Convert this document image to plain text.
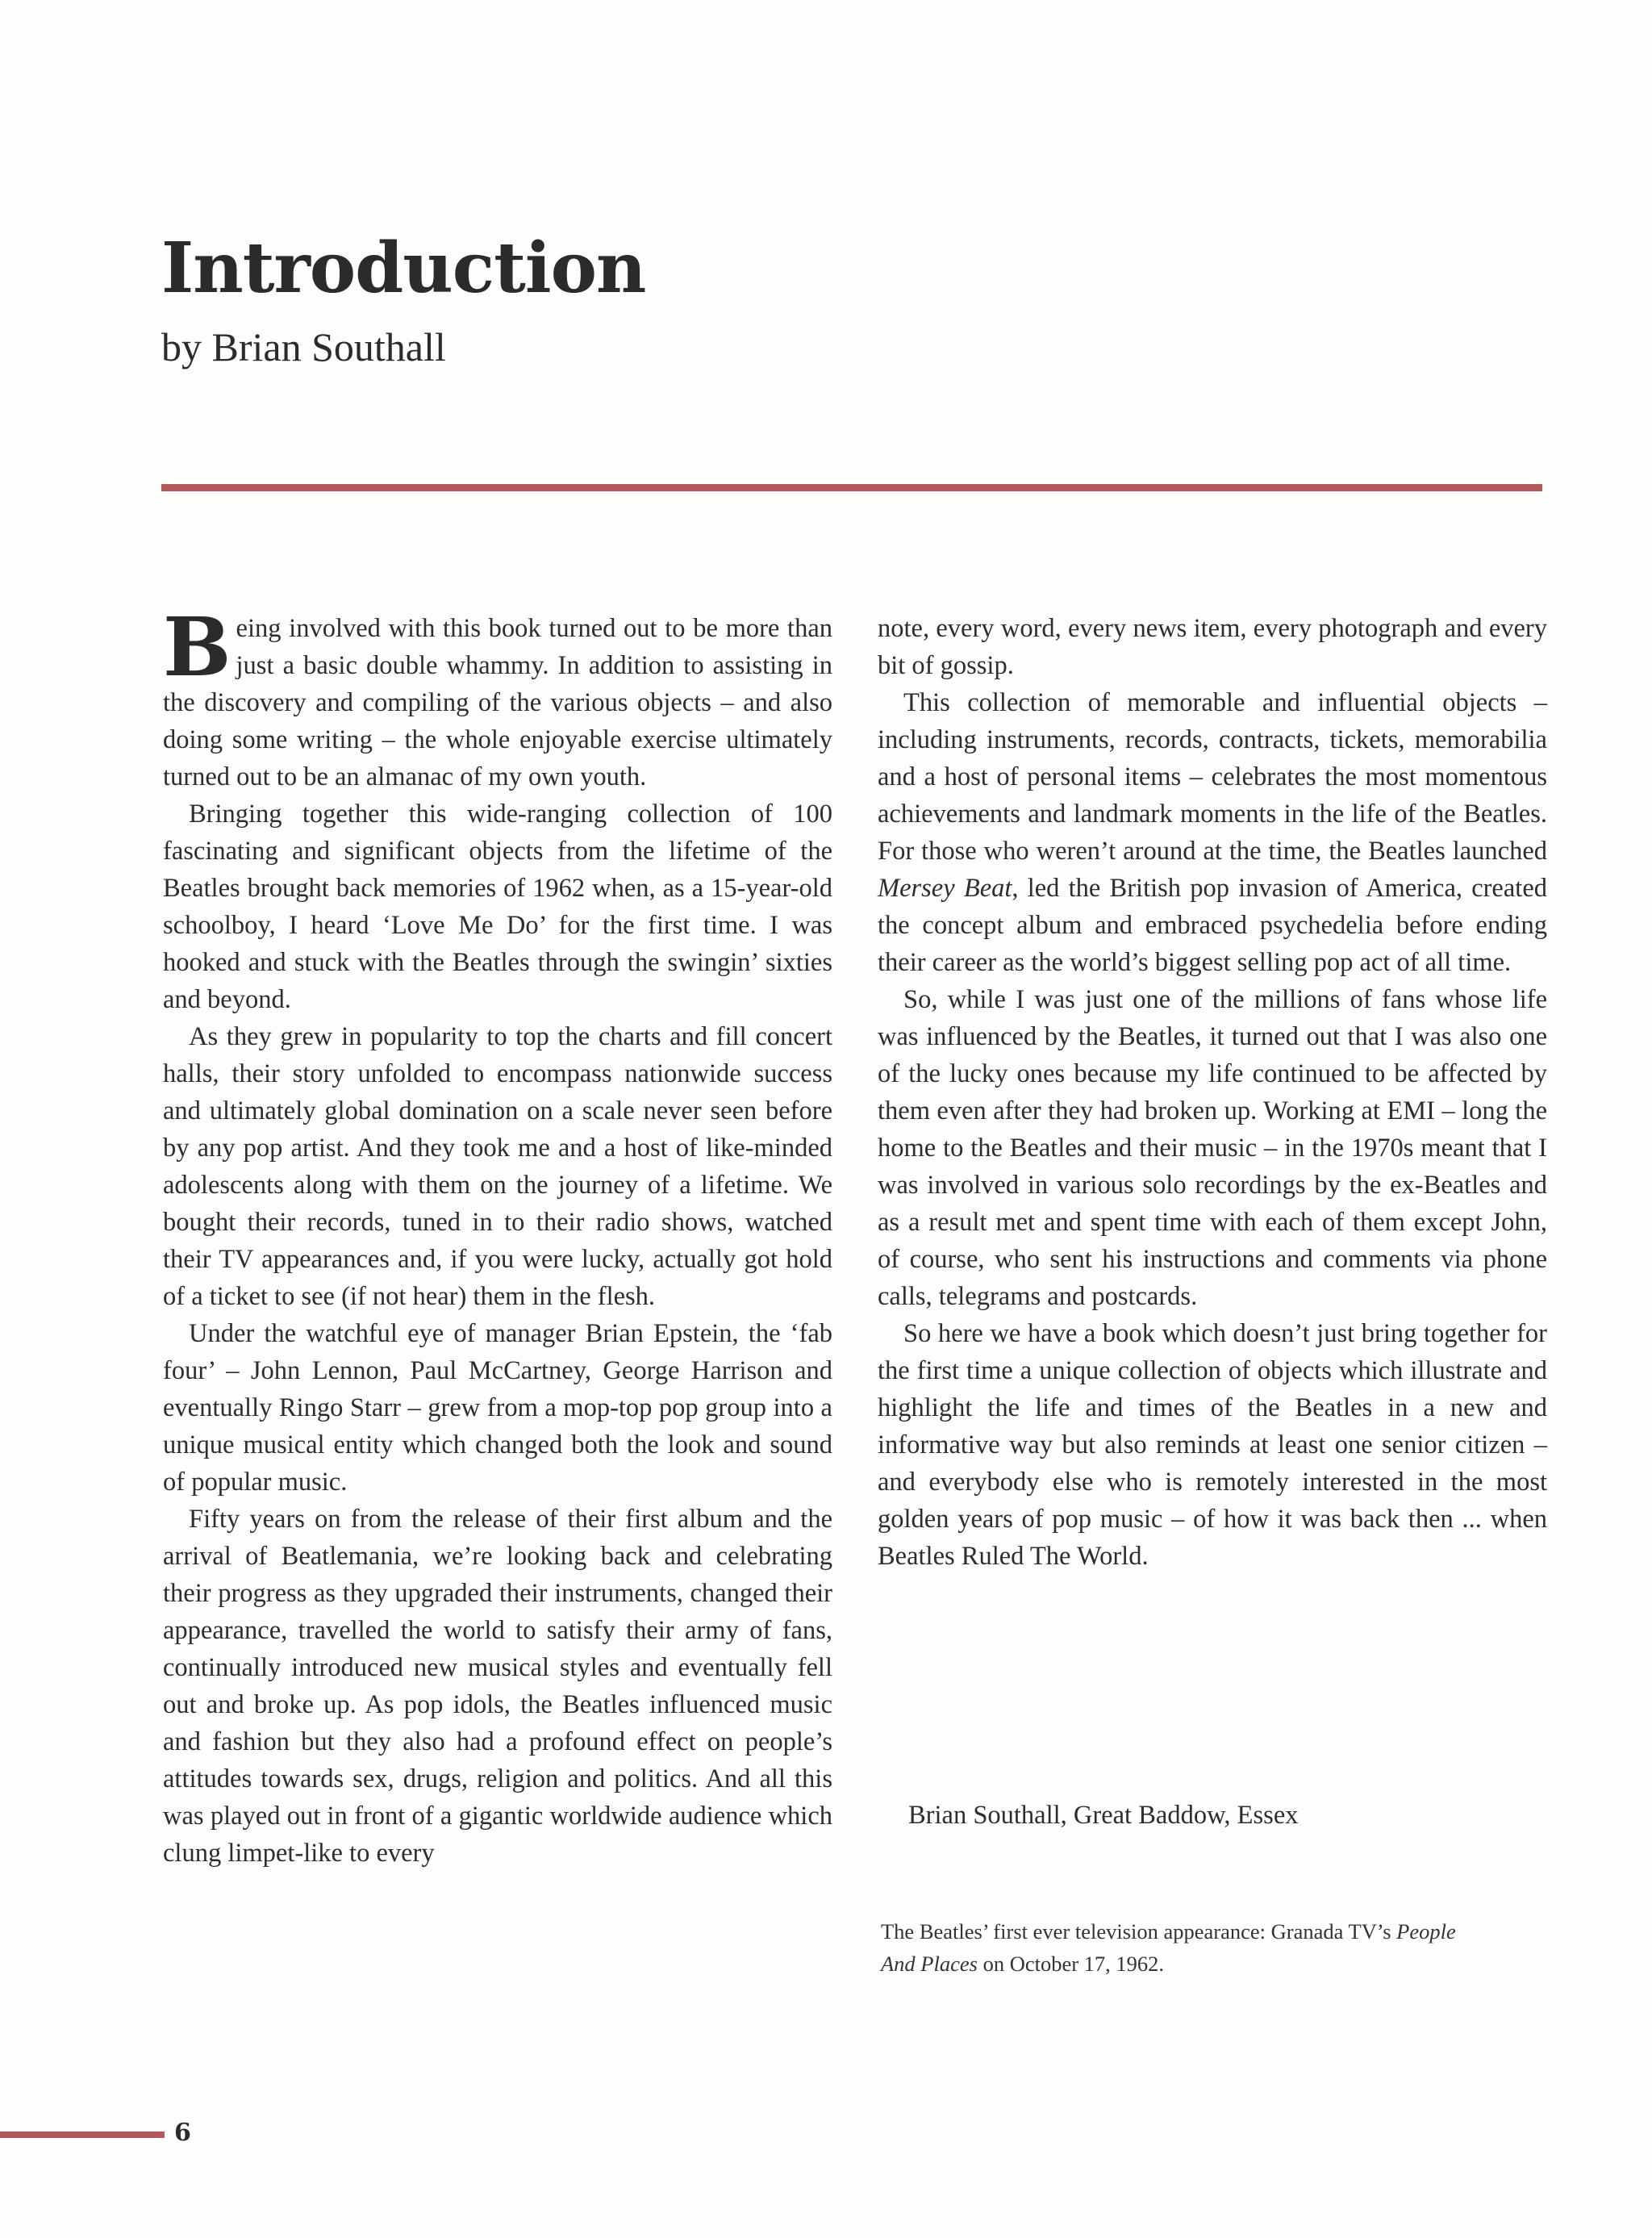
Introduction
by Brian Southall

Being involved with this book turned out to be more than just a basic double whammy. In addition to assisting in the discovery and compiling of the various objects – and also doing some writing – the whole enjoyable exercise ultimately turned out to be an almanac of my own youth.

Bringing together this wide-ranging collection of 100 fascinating and significant objects from the lifetime of the Beatles brought back memories of 1962 when, as a 15-year-old schoolboy, I heard ‘Love Me Do’ for the first time. I was hooked and stuck with the Beatles through the swingin’ sixties and beyond.

As they grew in popularity to top the charts and fill concert halls, their story unfolded to encompass nationwide success and ultimately global domination on a scale never seen before by any pop artist. And they took me and a host of like-minded adolescents along with them on the journey of a lifetime. We bought their records, tuned in to their radio shows, watched their TV appearances and, if you were lucky, actually got hold of a ticket to see (if not hear) them in the flesh.

Under the watchful eye of manager Brian Epstein, the ‘fab four’ – John Lennon, Paul McCartney, George Harrison and eventually Ringo Starr – grew from a mop-top pop group into a unique musical entity which changed both the look and sound of popular music.

Fifty years on from the release of their first album and the arrival of Beatlemania, we’re looking back and celebrating their progress as they upgraded their instruments, changed their appearance, travelled the world to satisfy their army of fans, continually introduced new musical styles and eventually fell out and broke up. As pop idols, the Beatles influenced music and fashion but they also had a profound effect on people’s attitudes towards sex, drugs, religion and politics. And all this was played out in front of a gigantic worldwide audience which clung limpet-like to every

note, every word, every news item, every photograph and every bit of gossip.

This collection of memorable and influential objects – including instruments, records, contracts, tickets, memorabilia and a host of personal items – celebrates the most momentous achievements and landmark moments in the life of the Beatles. For those who weren’t around at the time, the Beatles launched Mersey Beat, led the British pop invasion of America, created the concept album and embraced psychedelia before ending their career as the world’s biggest selling pop act of all time.

So, while I was just one of the millions of fans whose life was influenced by the Beatles, it turned out that I was also one of the lucky ones because my life continued to be affected by them even after they had broken up. Working at EMI – long the home to the Beatles and their music – in the 1970s meant that I was involved in various solo recordings by the ex-Beatles and as a result met and spent time with each of them except John, of course, who sent his instructions and comments via phone calls, telegrams and postcards.

So here we have a book which doesn’t just bring together for the first time a unique collection of objects which illustrate and highlight the life and times of the Beatles in a new and informative way but also reminds at least one senior citizen – and everybody else who is remotely interested in the most golden years of pop music – of how it was back then ... when Beatles Ruled The World.

Brian Southall, Great Baddow, Essex
The Beatles’ first ever television appearance: Granada TV’s People And Places on October 17, 1962.
6
